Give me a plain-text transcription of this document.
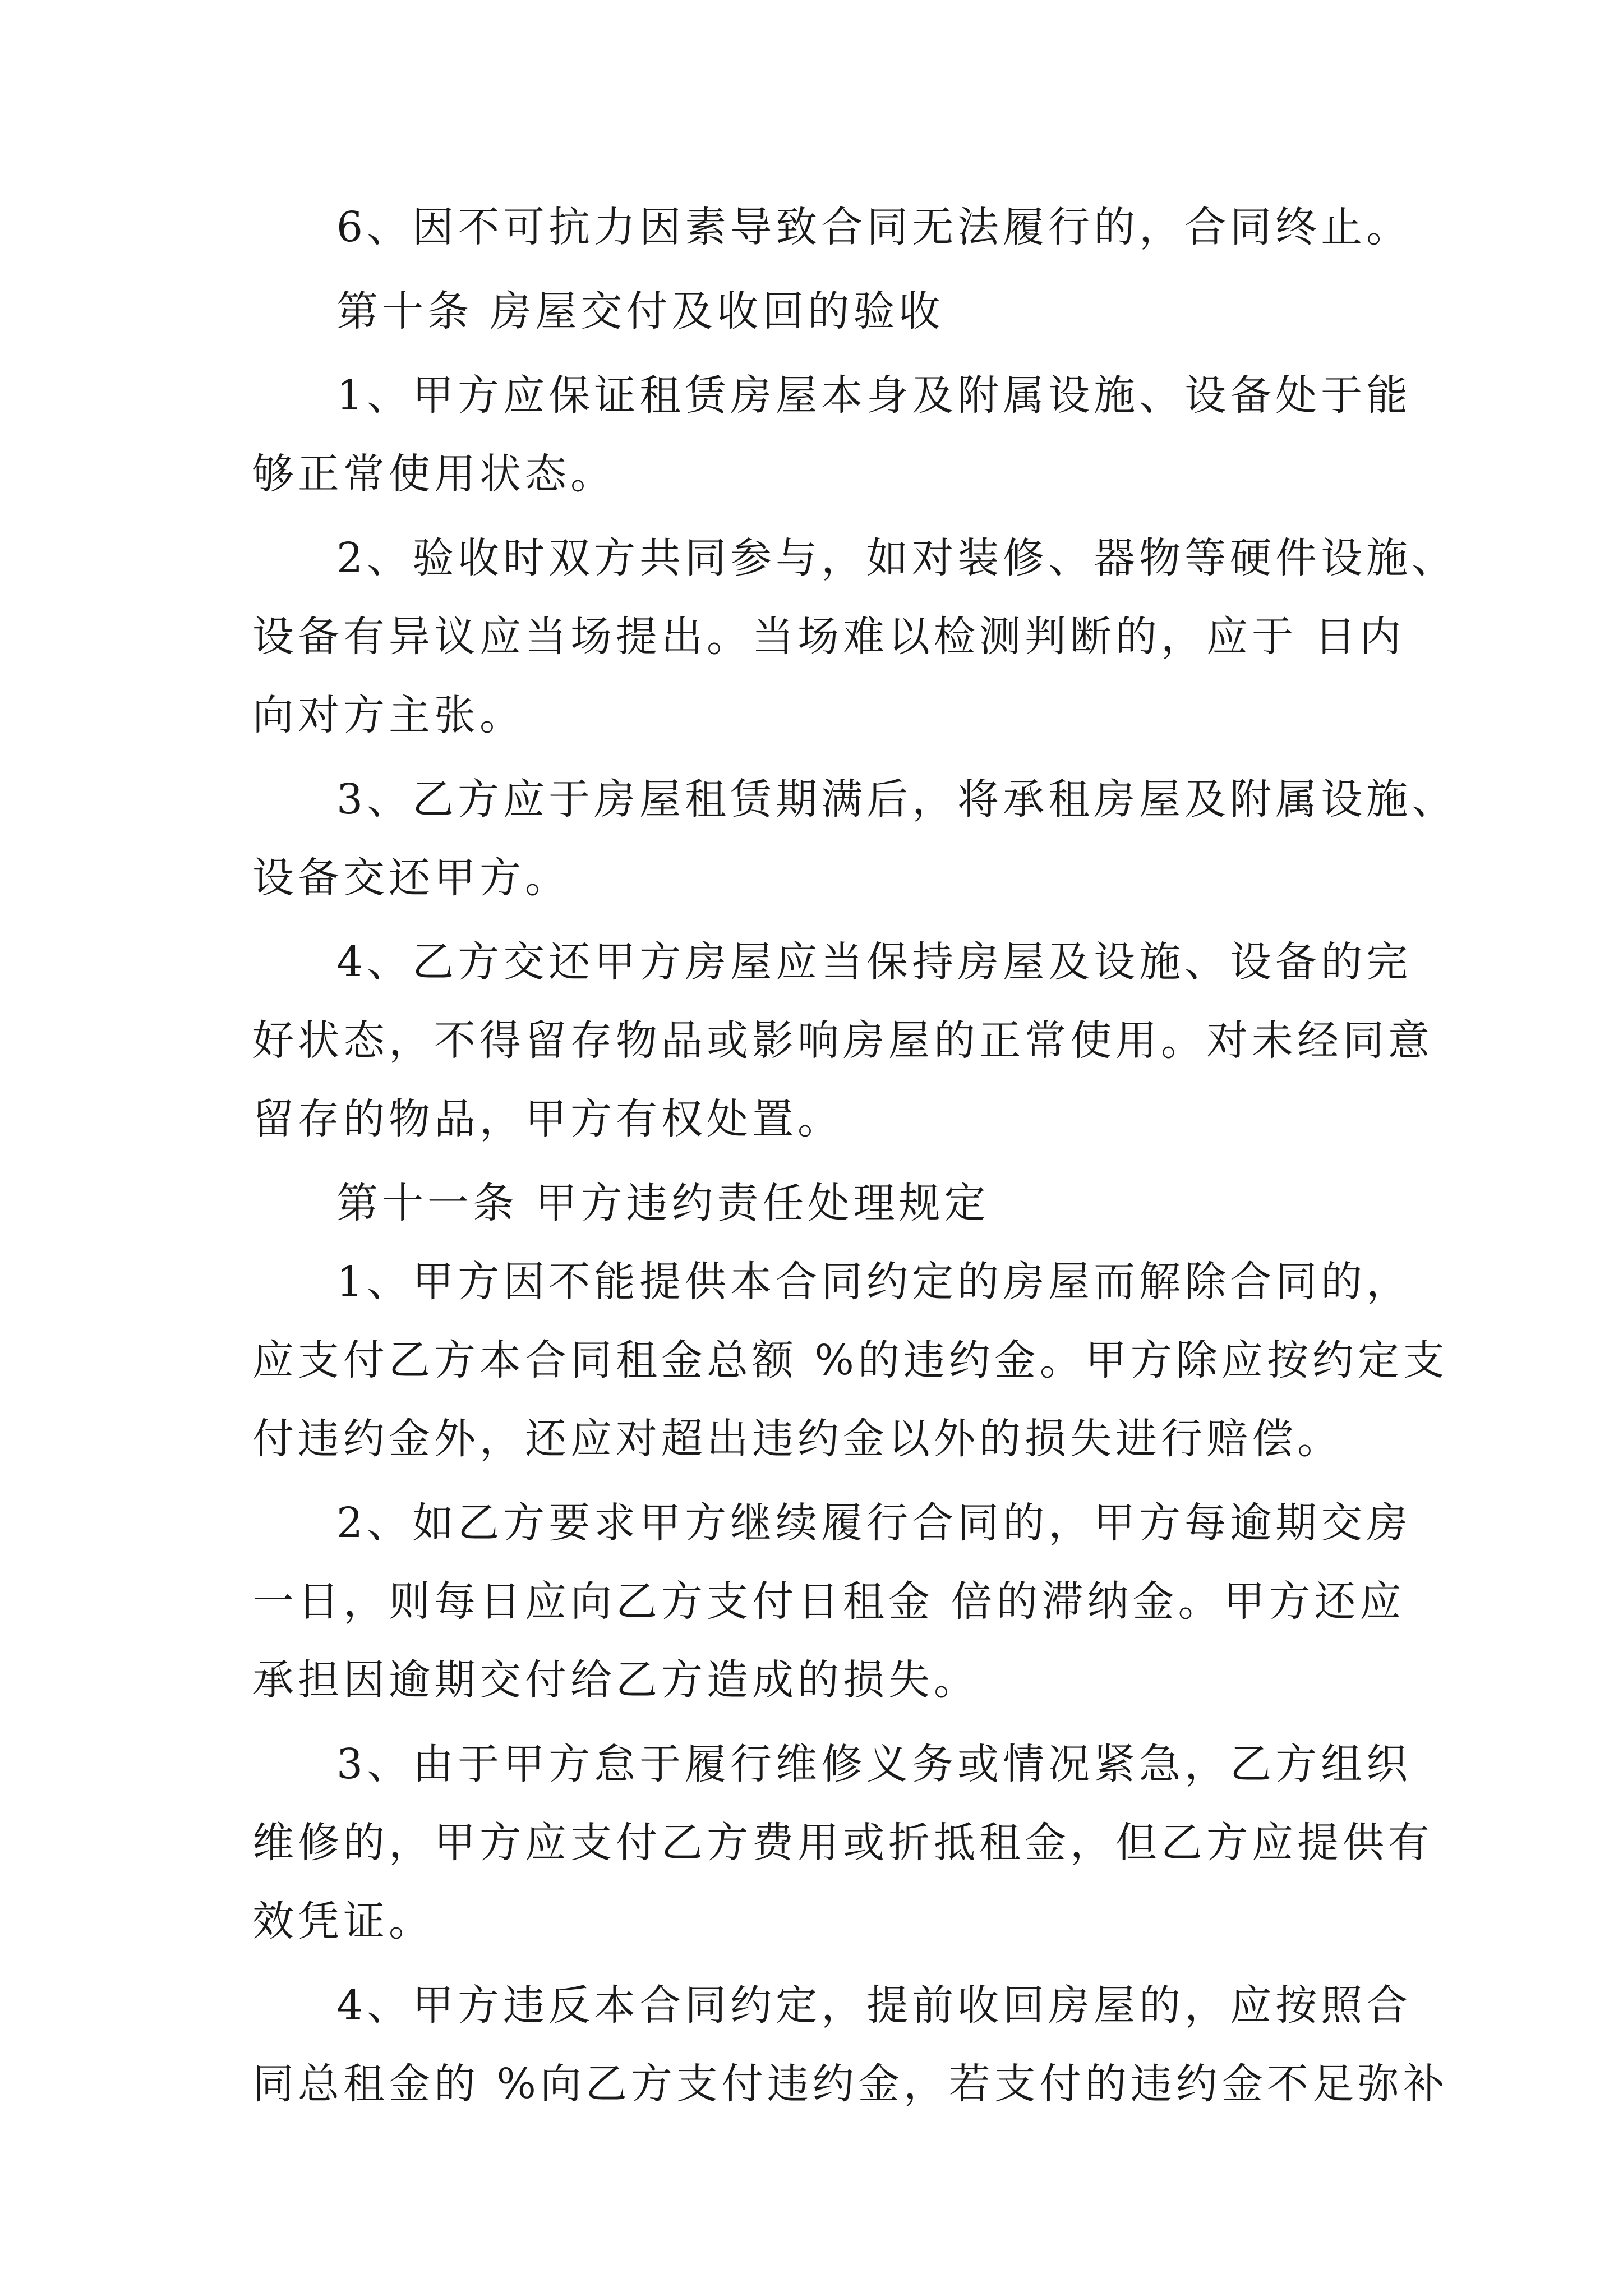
6、因不可抗力因素导致合同无法履行的，合同终止。
第十条 房屋交付及收回的验收
1、甲方应保证租赁房屋本身及附属设施、设备处于能
够正常使用状态。
2、验收时双方共同参与，如对装修、器物等硬件设施、
设备有异议应当场提出。当场难以检测判断的，应于 日内
向对方主张。
3、乙方应于房屋租赁期满后，将承租房屋及附属设施、
设备交还甲方。
4、乙方交还甲方房屋应当保持房屋及设施、设备的完
好状态，不得留存物品或影响房屋的正常使用。对未经同意
留存的物品，甲方有权处置。
第十一条 甲方违约责任处理规定
1、甲方因不能提供本合同约定的房屋而解除合同的，
应支付乙方本合同租金总额 %的违约金。甲方除应按约定支
付违约金外，还应对超出违约金以外的损失进行赔偿。
2、如乙方要求甲方继续履行合同的，甲方每逾期交房
一日，则每日应向乙方支付日租金 倍的滞纳金。甲方还应
承担因逾期交付给乙方造成的损失。
3、由于甲方怠于履行维修义务或情况紧急，乙方组织
维修的，甲方应支付乙方费用或折抵租金，但乙方应提供有
效凭证。
4、甲方违反本合同约定，提前收回房屋的，应按照合
同总租金的 %向乙方支付违约金，若支付的违约金不足弥补
